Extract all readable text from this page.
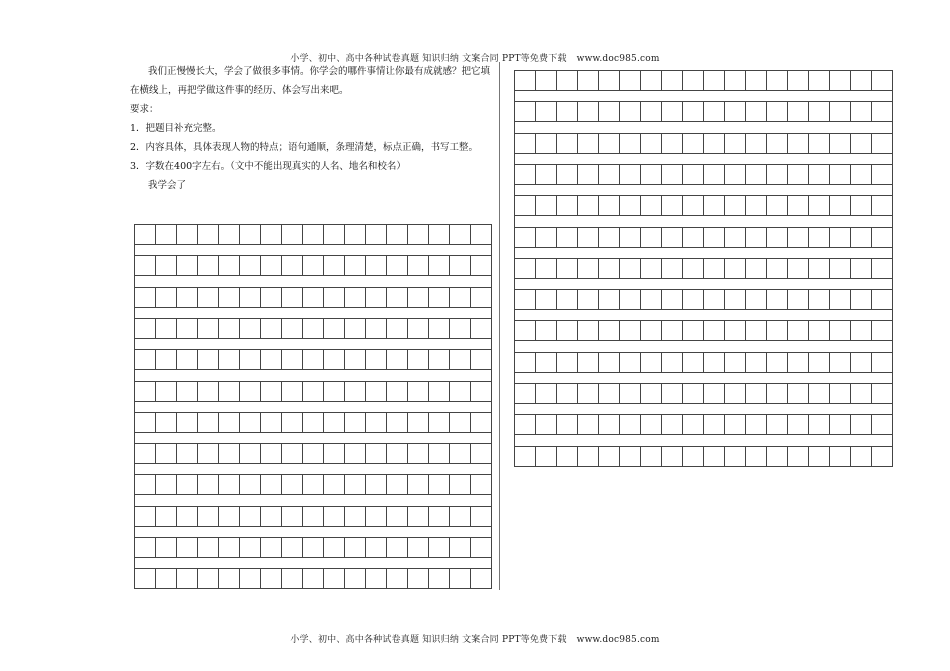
小学、初中、高中各种试卷真题 知识归纳 文案合同 PPT等免费下载 www.doc985.com

我们正慢慢长大，学会了做很多事情。你学会的哪件事情让你最有成就感？把它填在横线上，再把学做这件事的经历、体会写出来吧。

要求：

1．把题目补充完整。

2．内容具体，具体表现人物的特点；语句通顺，条理清楚，标点正确，书写工整。

3．字数在400字左右。（文中不能出现真实的人名、地名和校名）

我学会了

小学、初中、高中各种试卷真题 知识归纳 文案合同 PPT等免费下载 www.doc985.com
